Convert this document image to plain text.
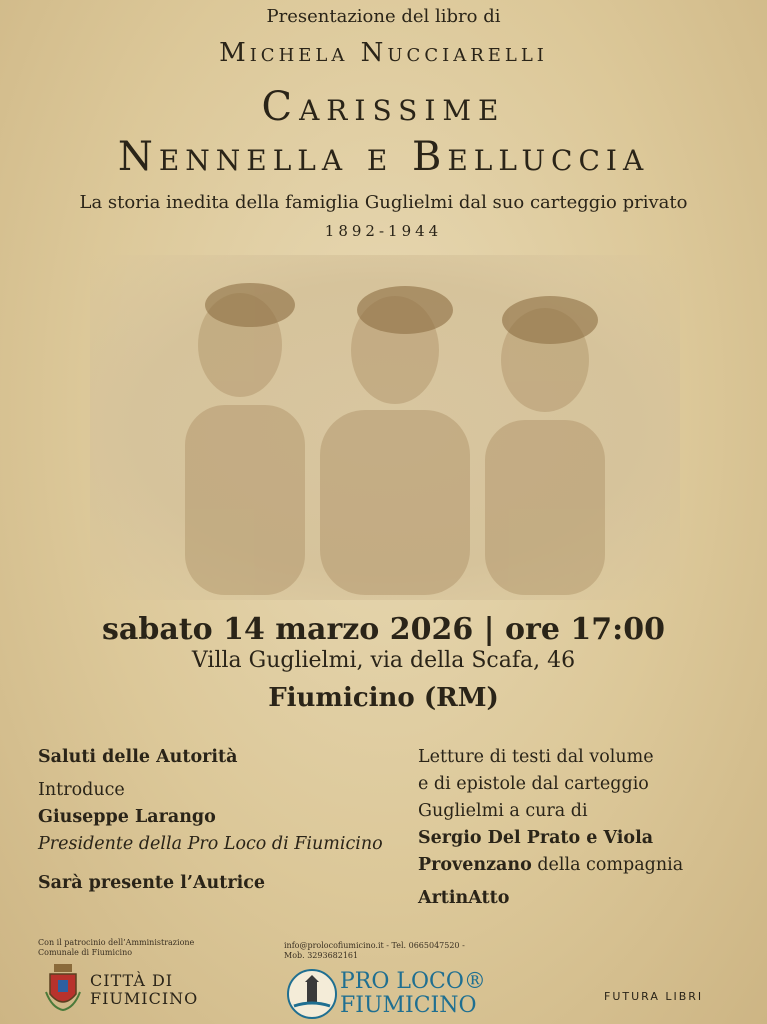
Presentazione del libro di
Michela Nucciarelli
Carissime
Nennella e Belluccia
La storia inedita della famiglia Guglielmi dal suo carteggio privato
1892-1944
sabato 14 marzo 2026 | ore 17:00
Villa Guglielmi, via della Scafa, 46
Fiumicino (RM)
Saluti delle Autorità
Introduce
Giuseppe Larango
Presidente della Pro Loco di Fiumicino
Sarà presente l’Autrice
Letture di testi dal volume
e di epistole dal carteggio
Guglielmi a cura di
Sergio Del Prato e Viola
Provenzano della compagnia
ArtinAtto
Con il patrocinio dell’Amministrazione
Comunale di Fiumicino
CITTÀ DI
FIUMICINO
info@prolocofiumicino.it - Tel. 0665047520 -
Mob. 3293682161
PRO LOCO®
FIUMICINO	FUTURA LIBRI
